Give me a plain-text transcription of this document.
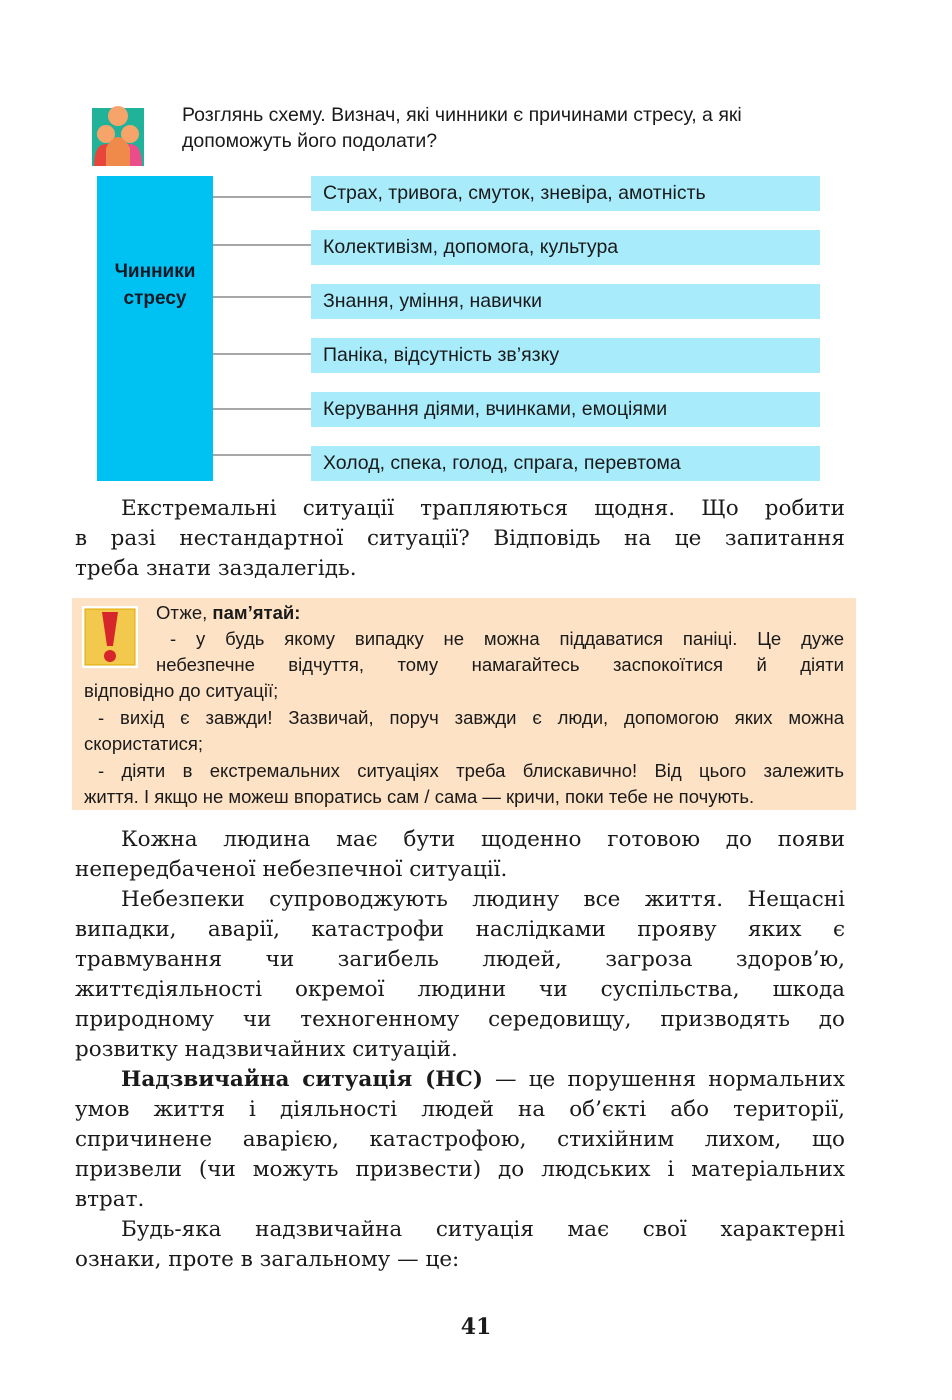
Розглянь схему. Визнач, які чинники є причинами стресу, а які
допоможуть його подолати?
Чинники
стресу
Страх, тривога, смуток, зневіра, амотність
Колективізм, допомога, культура
Знання, уміння, навички
Паніка, відсутність зв’язку
Керування діями, вчинками, емоціями
Холод, спека, голод, спрага, перевтома
Екстремальні ситуації трапляються щодня. Що робити
в разі нестандартної ситуації? Відповідь на це запитання
треба знати заздалегідь.
Отже, пам’ятай:
- у будь якому випадку не можна піддаватися паніці. Це дуже
небезпечне відчуття, тому намагайтесь заспокоїтися й діяти
відповідно до ситуації;
- вихід є завжди! Зазвичай, поруч завжди є люди, допомогою яких можна
скористатися;
- діяти в екстремальних ситуаціях треба блискавично! Від цього залежить
життя. І якщо не можеш впоратись сам / сама — кричи, поки тебе не почують.
Кожна людина має бути щоденно готовою до появи
непередбаченої небезпечної ситуації.
Небезпеки супроводжують людину все життя. Нещасні
випадки, аварії, катастрофи наслідками прояву яких є
травмування чи загибель людей, загроза здоров’ю,
життєдіяльності окремої людини чи суспільства, шкода
природному чи техногенному середовищу, призводять до
розвитку надзвичайних ситуацій.
Надзвичайна ситуація (НС) — це порушення нормальних
умов життя і діяльності людей на об’єкті або території,
спричинене аварією, катастрофою, стихійним лихом, що
призвели (чи можуть призвести) до людських і матеріальних
втрат.
Будь-яка надзвичайна ситуація має свої характерні
ознаки, проте в загальному — це:
41
